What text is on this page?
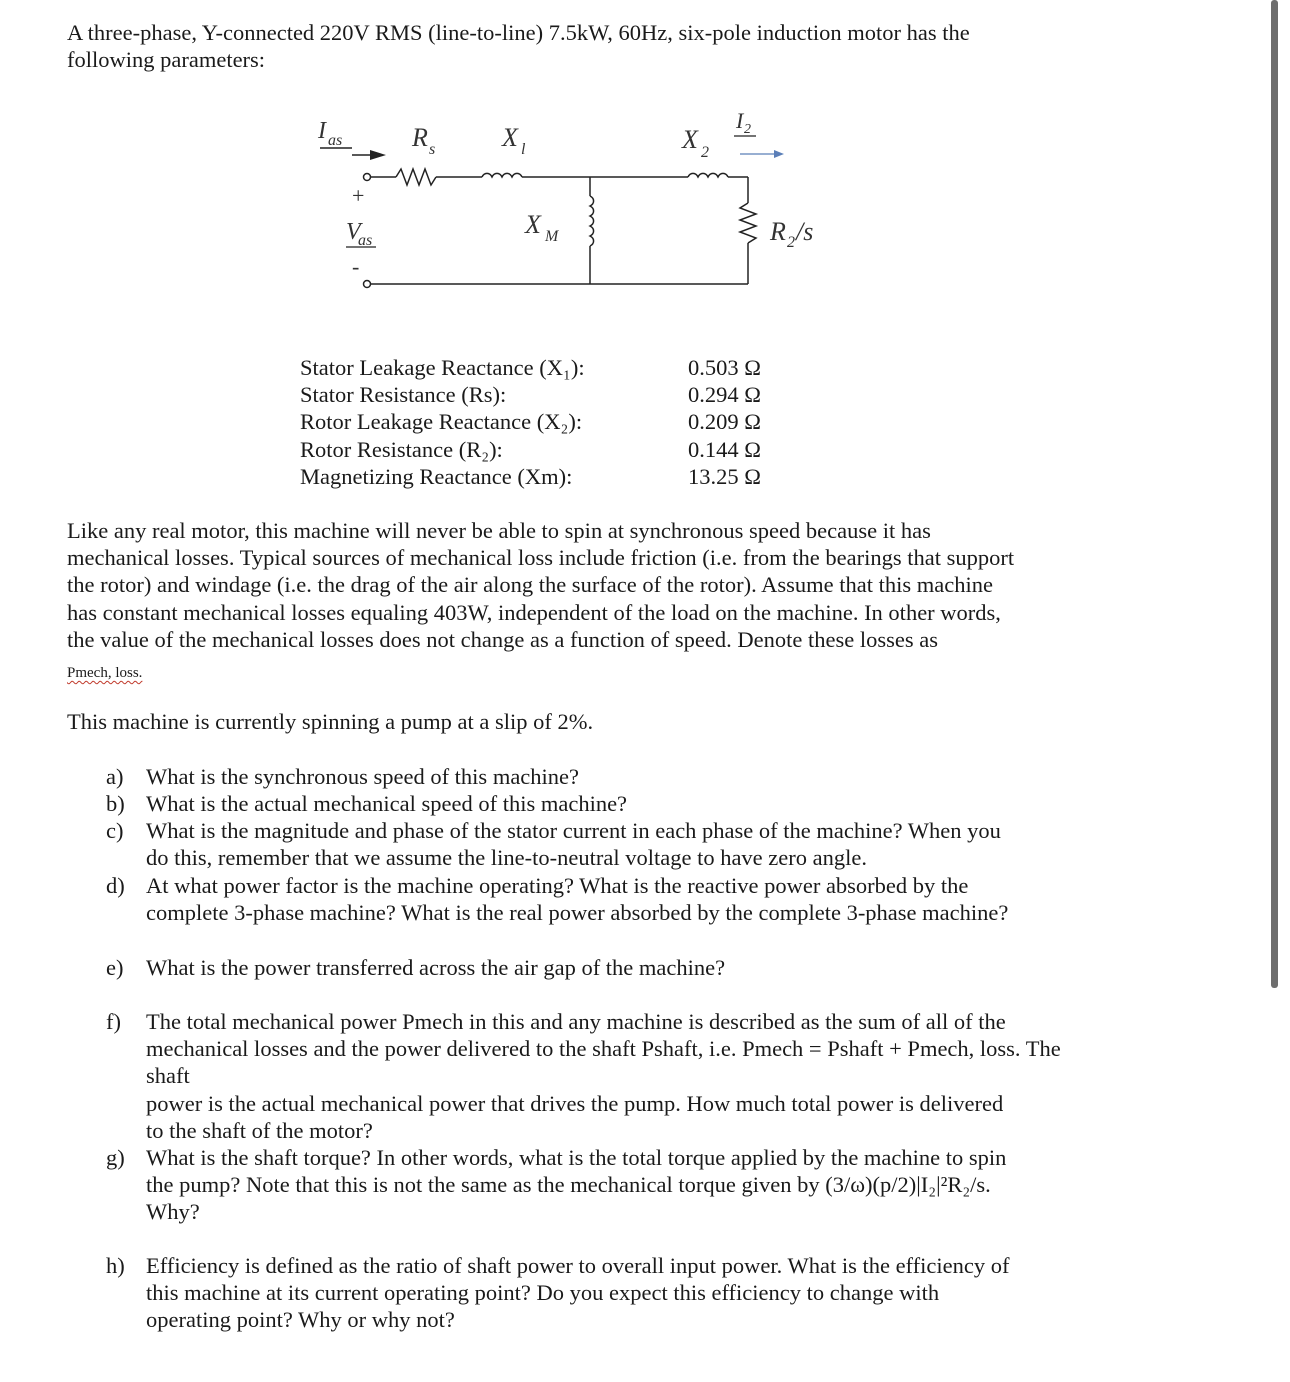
A three-phase, Y-connected 220V RMS (line-to-line) 7.5kW, 60Hz, six-pole induction motor has the

following parameters:

I as	R s	X l
X M
X 2
I 2
R 2 /s
+
V
as
-
Stator Leakage Reactance (X₁):	0.503 Ω
Stator Resistance (Rs):	0.294 Ω
Rotor Leakage Reactance (X₂):	0.209 Ω
Rotor Resistance (R₂):	0.144 Ω
Magnetizing Reactance (Xm):	13.25 Ω
Like any real motor, this machine will never be able to spin at synchronous speed because it has
mechanical losses. Typical sources of mechanical loss include friction (i.e. from the bearings that support
the rotor) and windage (i.e. the drag of the air along the surface of the rotor). Assume that this machine
has constant mechanical losses equaling 403W, independent of the load on the machine. In other words,
the value of the mechanical losses does not change as a function of speed. Denote these losses as
Pmech, loss.

This machine is currently spinning a pump at a slip of 2%.

a)	What is the synchronous speed of this machine?
b) What is the actual mechanical speed of this machine?
c)	What is the magnitude and phase of the stator current in each phase of the machine? When you
do this, remember that we assume the line-to-neutral voltage to have zero angle.
d) At what power factor is the machine operating? What is the reactive power absorbed by the
complete 3-phase machine? What is the real power absorbed by the complete 3-phase machine?
e)	What is the power transferred across the air gap of the machine?
f)	The total mechanical power Pmech in this and any machine is described as the sum of all of the
mechanical losses and the power delivered to the shaft Pshaft, i.e. Pmech = Pshaft + Pmech, loss. The shaft
power is the actual mechanical power that drives the pump. How much total power is delivered
to the shaft of the motor?
g) What is the shaft torque? In other words, what is the total torque applied by the machine to spin
the pump? Note that this is not the same as the mechanical torque given by (3/ω)(p/2)|I₂|²R₂/s.
Why?
h) Efficiency is defined as the ratio of shaft power to overall input power. What is the efficiency of
this machine at its current operating point? Do you expect this efficiency to change with
operating point? Why or why not?
